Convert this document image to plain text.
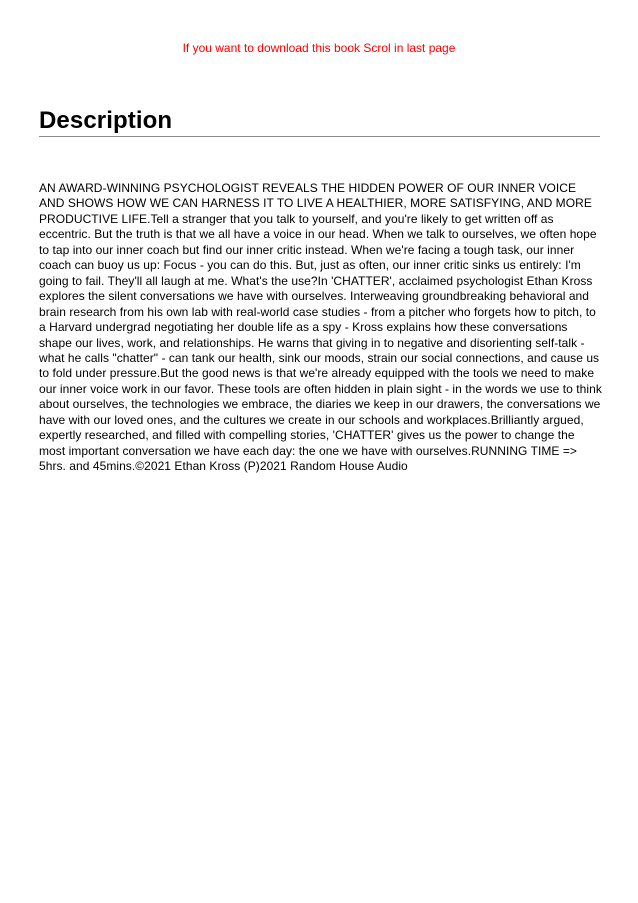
If you want to download this book Scrol in last page
Description

AN AWARD-WINNING PSYCHOLOGIST REVEALS THE HIDDEN POWER OF OUR INNER VOICE AND SHOWS HOW WE CAN HARNESS IT TO LIVE A HEALTHIER, MORE SATISFYING, AND MORE PRODUCTIVE LIFE.Tell a stranger that you talk to yourself, and you're likely to get written off as eccentric. But the truth is that we all have a voice in our head. When we talk to ourselves, we often hope to tap into our inner coach but find our inner critic instead. When we're facing a tough task, our inner coach can buoy us up: Focus - you can do this. But, just as often, our inner critic sinks us entirely: I'm going to fail. They'll all laugh at me. What's the use?In 'CHATTER', acclaimed psychologist Ethan Kross explores the silent conversations we have with ourselves. Interweaving groundbreaking behavioral and brain research from his own lab with real-world case studies - from a pitcher who forgets how to pitch, to a Harvard undergrad negotiating her double life as a spy - Kross explains how these conversations shape our lives, work, and relationships. He warns that giving in to negative and disorienting self-talk - what he calls "chatter" - can tank our health, sink our moods, strain our social connections, and cause us to fold under pressure.But the good news is that we're already equipped with the tools we need to make our inner voice work in our favor. These tools are often hidden in plain sight - in the words we use to think about ourselves, the technologies we embrace, the diaries we keep in our drawers, the conversations we have with our loved ones, and the cultures we create in our schools and workplaces.Brilliantly argued, expertly researched, and filled with compelling stories, 'CHATTER' gives us the power to change the most important conversation we have each day: the one we have with ourselves.RUNNING TIME => 5hrs. and 45mins.©2021 Ethan Kross (P)2021 Random House Audio
